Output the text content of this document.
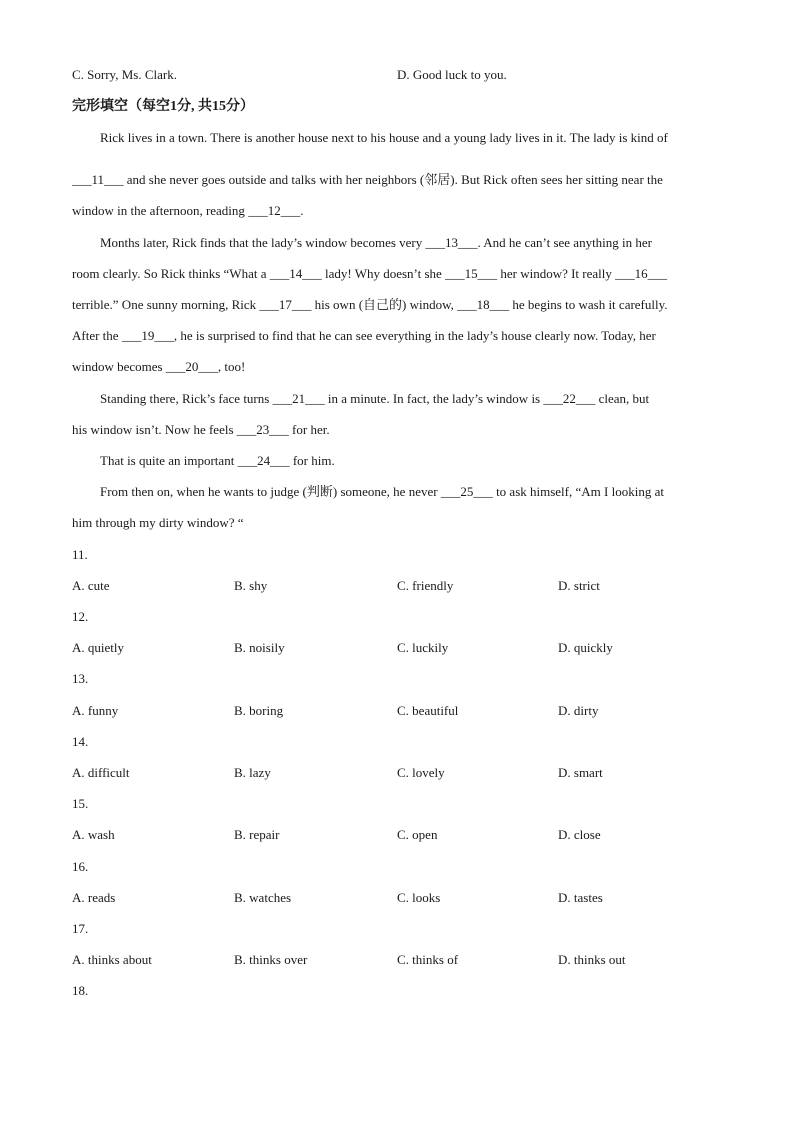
C. Sorry, Ms. Clark.	D. Good luck to you.
完形填空（每空1分, 共15分）
Rick lives in a town. There is another house next to his house and a young lady lives in it. The lady is kind of
___11___ and she never goes outside and talks with her neighbors (邻居). But Rick often sees her sitting near the
window in the afternoon, reading ___12___.
Months later, Rick finds that the lady’s window becomes very ___13___. And he can’t see anything in her
room clearly. So Rick thinks “What a ___14___ lady! Why doesn’t she ___15___ her window? It really ___16___
terrible.” One sunny morning, Rick ___17___ his own (自己的) window, ___18___ he begins to wash it carefully.
After the ___19___, he is surprised to find that he can see everything in the lady’s house clearly now. Today, her
window becomes ___20___, too!
Standing there, Rick’s face turns ___21___ in a minute. In fact, the lady’s window is ___22___ clean, but
his window isn’t. Now he feels ___23___ for her.
That is quite an important ___24___ for him.
From then on, when he wants to judge (判断) someone, he never ___25___ to ask himself, “Am I looking at
him through my dirty window? “
11.
A. cute	B. shy	C. friendly	D. strict
12.
A. quietly	B. noisily	C. luckily	D. quickly
13.
A. funny	B. boring	C. beautiful	D. dirty
14.
A. difficult	B. lazy	C. lovely	D. smart
15.
A. wash	B. repair	C. open	D. close
16.
A. reads	B. watches	C. looks	D. tastes
17.
A. thinks about	B. thinks over	C. thinks of	D. thinks out
18.
